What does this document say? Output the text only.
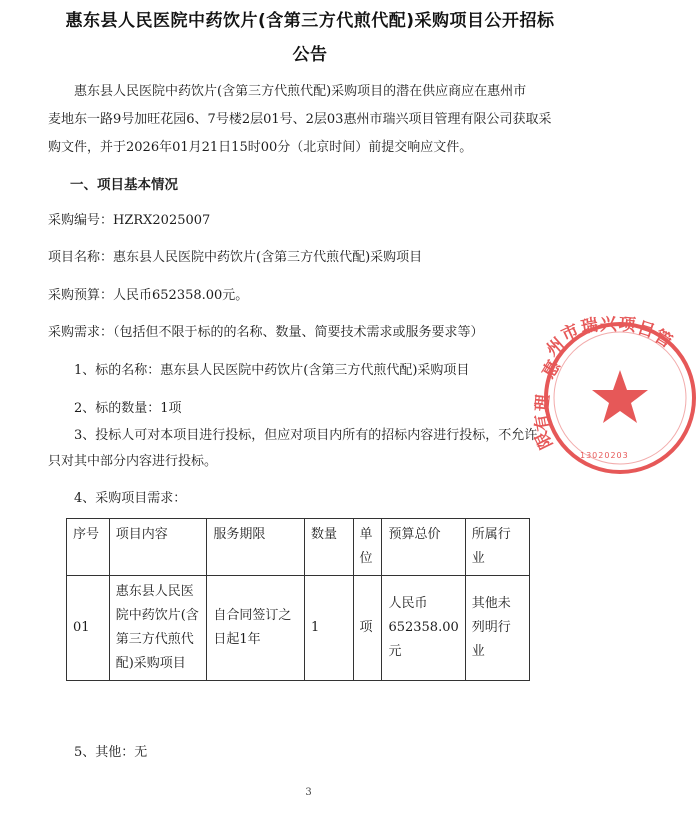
惠东县人民医院中药饮片(含第三方代煎代配)采购项目公开招标
公告
惠东县人民医院中药饮片(含第三方代煎代配)采购项目的潜在供应商应在惠州市
麦地东一路9号加旺花园6、7号楼2层01号、2层03惠州市瑞兴项目管理有限公司获取采
购文件，并于2026年01月21日15时00分（北京时间）前提交响应文件。
一、项目基本情况
采购编号：HZRX2025007
项目名称：惠东县人民医院中药饮片(含第三方代煎代配)采购项目
采购预算：人民币652358.00元。
采购需求：（包括但不限于标的的名称、数量、简要技术需求或服务要求等）
1、标的名称：惠东县人民医院中药饮片(含第三方代煎代配)采购项目
2、标的数量：1项
3、投标人可对本项目进行投标，但应对项目内所有的招标内容进行投标，不允许
只对其中部分内容进行投标。
4、采购项目需求：
序号	项目内容	服务期限	数量	单位	预算总价	所属行业
01	惠东县人民医院中药饮片(含第三方代煎代配)采购项目	自合同签订之日起1年	1	项	人民币652358.00元	其他未列明行业
5、其他：无
3
惠
州
市
瑞 兴 项
目
管
理
有
限
13020203
